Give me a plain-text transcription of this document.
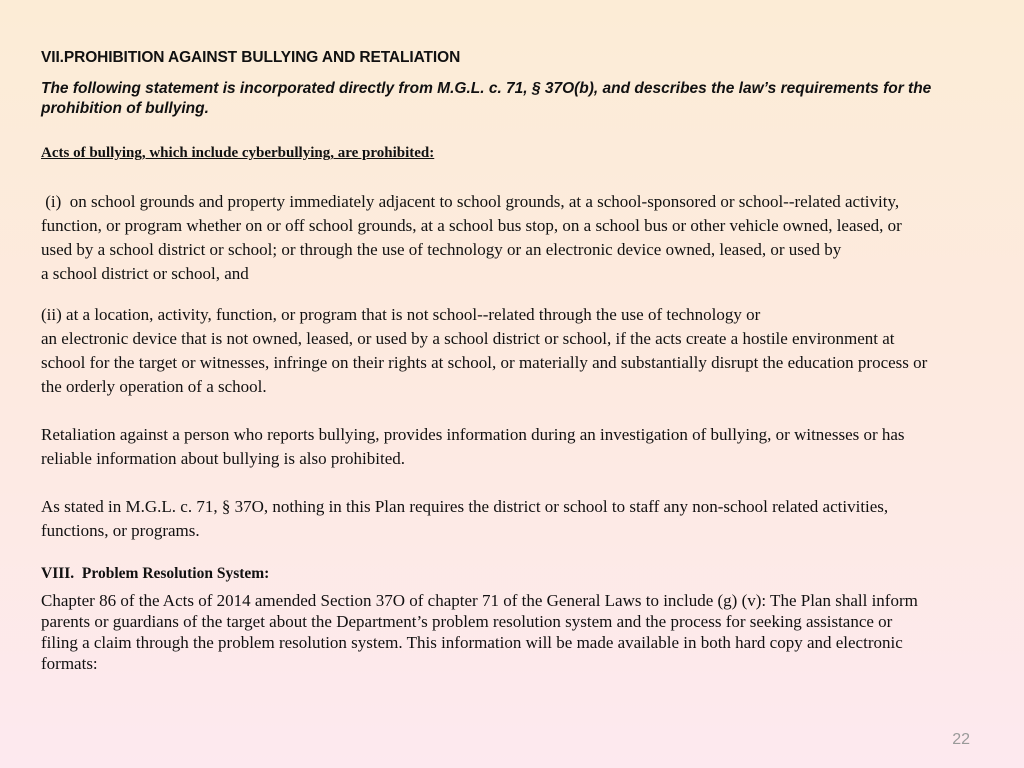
VII.PROHIBITION AGAINST BULLYING AND RETALIATION

The following statement is incorporated directly from M.G.L. c. 71, § 37O(b), and describes the law’s requirements for the prohibition of bullying.

Acts of bullying, which include cyberbullying, are prohibited:

(i)  on school grounds and property immediately adjacent to school grounds, at a school-sponsored or school--related activity,
function, or program whether on or off school grounds, at a school bus stop, on a school bus or other vehicle owned, leased, or
used by a school district or school; or through the use of technology or an electronic device owned, leased, or used by
a school district or school, and
(ii) at a location, activity, function, or program that is not school--related through the use of technology or
an electronic device that is not owned, leased, or used by a school district or school, if the acts create a hostile environment at
school for the target or witnesses, infringe on their rights at school, or materially and substantially disrupt the education process or
the orderly operation of a school.
Retaliation against a person who reports bullying, provides information during an investigation of bullying, or witnesses or has
reliable information about bullying is also prohibited.
As stated in M.G.L. c. 71, § 37O, nothing in this Plan requires the district or school to staff any non-school related activities,
functions, or programs.
VIII.  Problem Resolution System:
Chapter 86 of the Acts of 2014 amended Section 37O of chapter 71 of the General Laws to include (g) (v): The Plan shall inform
parents or guardians of the target about the Department’s problem resolution system and the process for seeking assistance or
filing a claim through the problem resolution system. This information will be made available in both hard copy and electronic
formats:
22
